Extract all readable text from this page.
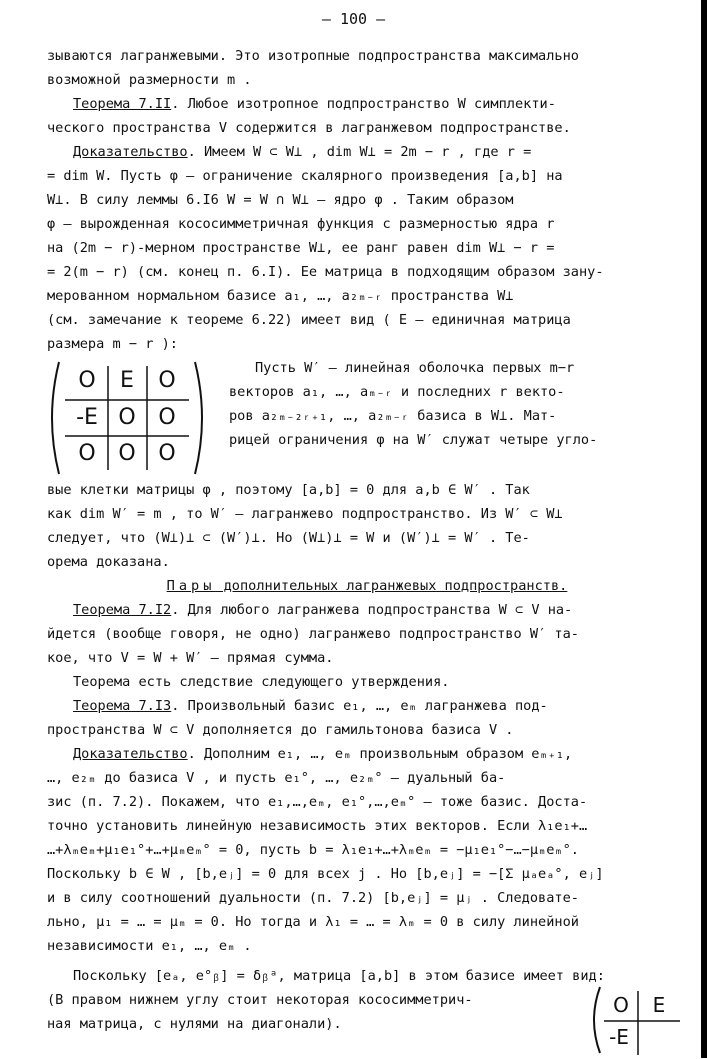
– 100 –
зываются лагранжевыми. Это изотропные подпространства максимально
возможной размерности m .
Теорема 7.II. Любое изотропное подпространство W симплекти-
ческого пространства V содержится в лагранжевом подпространстве.
Доказательство. Имеем W ⊂ W⊥ , dim W⊥ = 2m − r , где r =
= dim W. Пусть φ – ограничение скалярного произведения [a,b] на
W⊥. В силу леммы 6.I6 W = W ∩ W⊥ – ядро φ . Таким образом
φ – вырожденная кососимметричная функция с размерностью ядра r
на (2m − r)-мерном пространстве W⊥, ее ранг равен dim W⊥ − r =
= 2(m − r) (см. конец п. 6.I). Ее матрица в подходящим образом зану-
мерованном нормальном базисе a₁, …, a₂ₘ₋ᵣ пространства W⊥
(см. замечание к теореме 6.22) имеет вид ( E – единичная матрица
размера m − r ):
O	E	O
-E O	O
O	O	O
Пусть W′ – линейная оболочка первых m−r
векторов a₁, …, aₘ₋ᵣ и последних r векто-
ров a₂ₘ₋₂ᵣ₊₁, …, a₂ₘ₋ᵣ базиса в W⊥. Мат-
рицей ограничения φ на W′ служат четыре угло-
вые клетки матрицы φ , поэтому [a,b] = 0 для a,b ∈ W′ . Так
как dim W′ = m , то W′ – лагранжево подпространство. Из W′ ⊂ W⊥
следует, что (W⊥)⊥ ⊂ (W′)⊥. Но (W⊥)⊥ = W и (W′)⊥ = W′ . Те-
орема доказана.
Пары дополнительных лагранжевых подпространств.
Теорема 7.I2. Для любого лагранжева подпространства W ⊂ V на-
йдется (вообще говоря, не одно) лагранжево подпространство W′ та-
кое, что V = W + W′ – прямая сумма.
Теорема есть следствие следующего утверждения.
Теорема 7.I3. Произвольный базис e₁, …, eₘ лагранжева под-
пространства W ⊂ V дополняется до гамильтонова базиса V .
Доказательство. Дополним e₁, …, eₘ произвольным образом eₘ₊₁,
…, e₂ₘ до базиса V , и пусть e₁°, …, e₂ₘ° – дуальный ба-
зис (п. 7.2). Покажем, что e₁,…,eₘ, e₁°,…,eₘ° – тоже базис. Доста-
точно установить линейную независимость этих векторов. Если λ₁e₁+…
…+λₘeₘ+μ₁e₁°+…+μₘeₘ° = 0, пусть b = λ₁e₁+…+λₘeₘ = −μ₁e₁°−…−μₘeₘ°.
Поскольку b ∈ W , [b,eⱼ] = 0 для всех j . Но [b,eⱼ] = −[Σ μₐeₐ°, eⱼ]
и в силу соотношений дуальности (п. 7.2) [b,eⱼ] = μⱼ . Следовате-
льно, μ₁ = … = μₘ = 0. Но тогда и λ₁ = … = λₘ = 0 в силу линейной
независимости e₁, …, eₘ .
Поскольку [eₐ, e°ᵦ] = δᵦᵃ, матрица [a,b] в этом базисе имеет вид:
(В правом нижнем углу стоит некоторая кососимметрич-
ная матрица, с нулями на диагонали).
O	E
-E
